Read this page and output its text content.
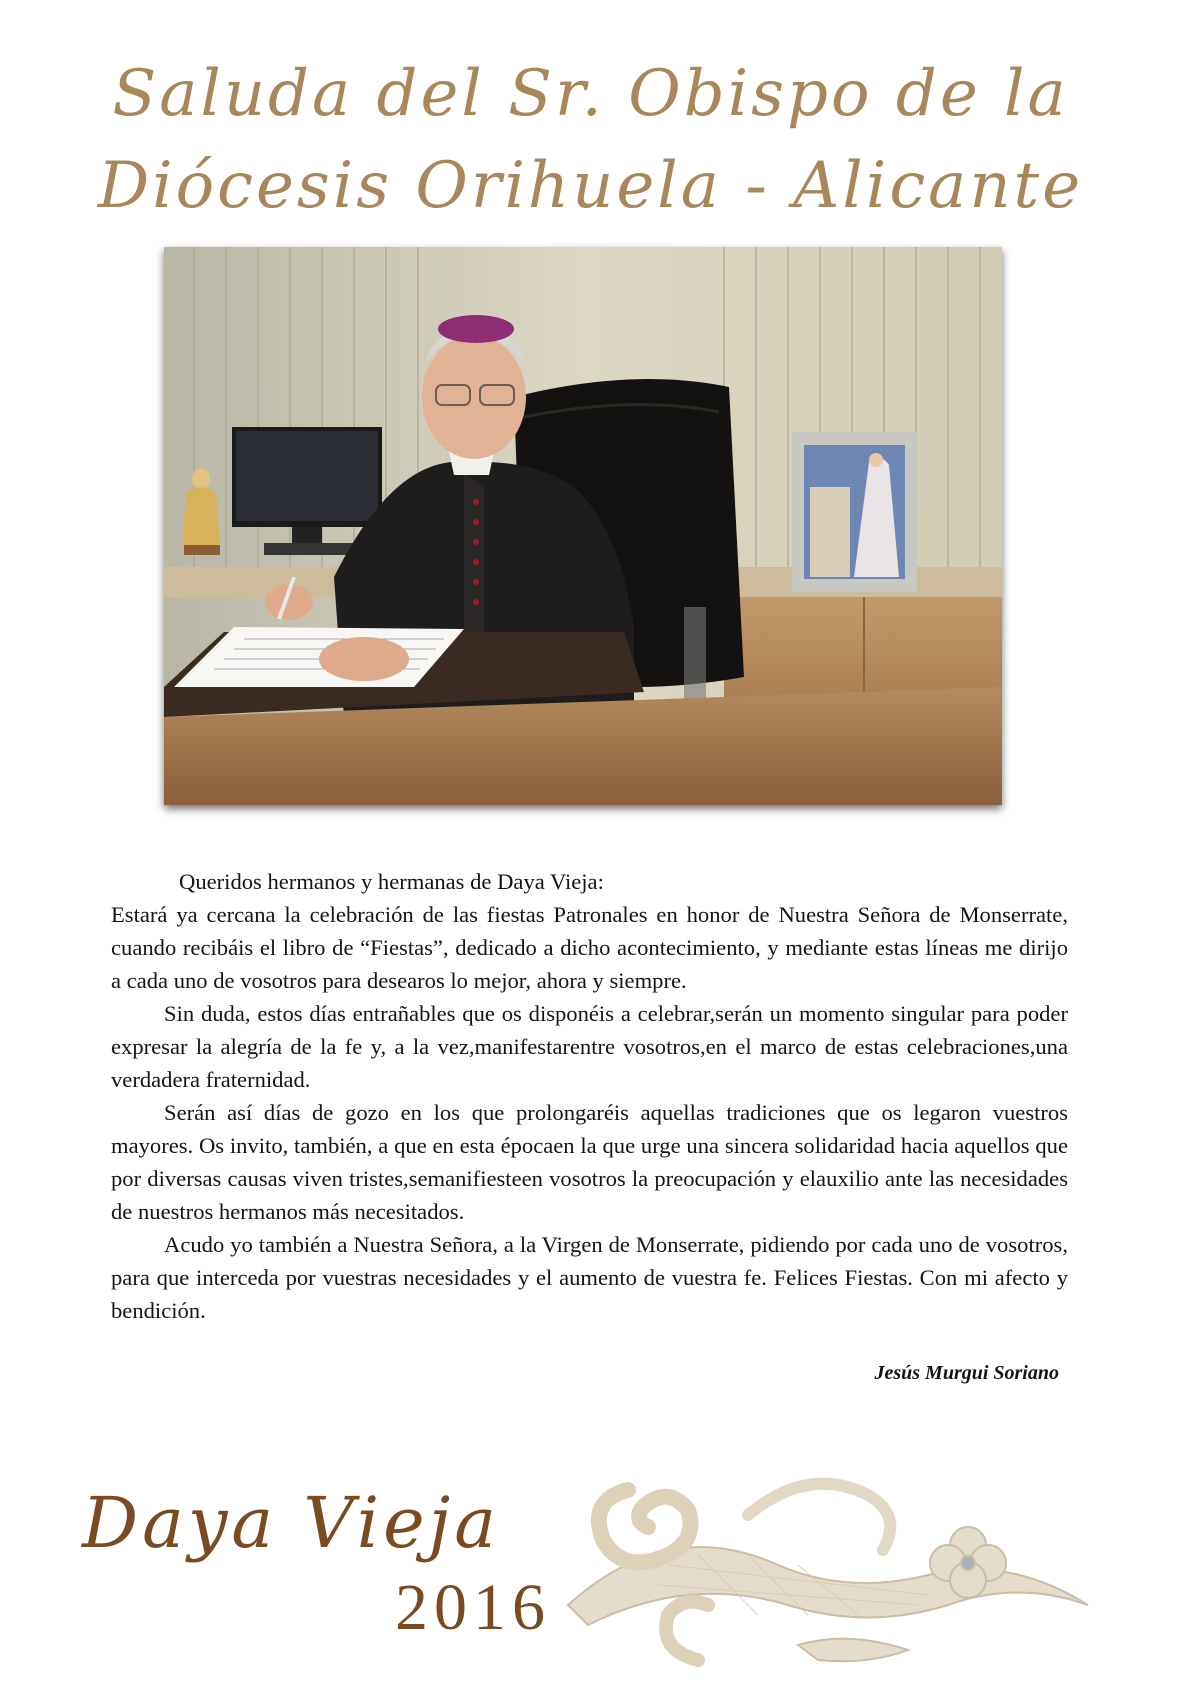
Saluda del Sr. Obispo de la
Diócesis Orihuela - Alicante

Queridos hermanos y hermanas de Daya Vieja:

Estará ya cercana la celebración de las fiestas Patronales en honor de Nuestra Señora de Monserrate, cuando recibáis el libro de “Fiestas”, dedicado a dicho acontecimiento, y mediante estas líneas me dirijo a cada uno de vosotros para desearos lo mejor, ahora y siempre.

Sin duda, estos días entrañables que os disponéis a celebrar,serán un momento singular para poder expresar la alegría de la fe y, a la vez,manifestarentre vosotros,en el marco de estas celebraciones,una verdadera fraternidad.

Serán así días de gozo en los que prolongaréis aquellas tradiciones que os legaron vuestros mayores. Os invito, también, a que en esta épocaen la que urge una sincera solidaridad hacia aquellos que por diversas causas viven tristes,semanifiesteen vosotros la preocupación y elauxilio ante las necesidades de nuestros hermanos más necesitados.

Acudo yo también a Nuestra Señora, a la Virgen de Monserrate, pidiendo por cada uno de vosotros, para que interceda por vuestras necesidades y el aumento de vuestra fe. Felices Fiestas. Con mi afecto y bendición.

Jesús Murgui Soriano
Daya Vieja
2016
